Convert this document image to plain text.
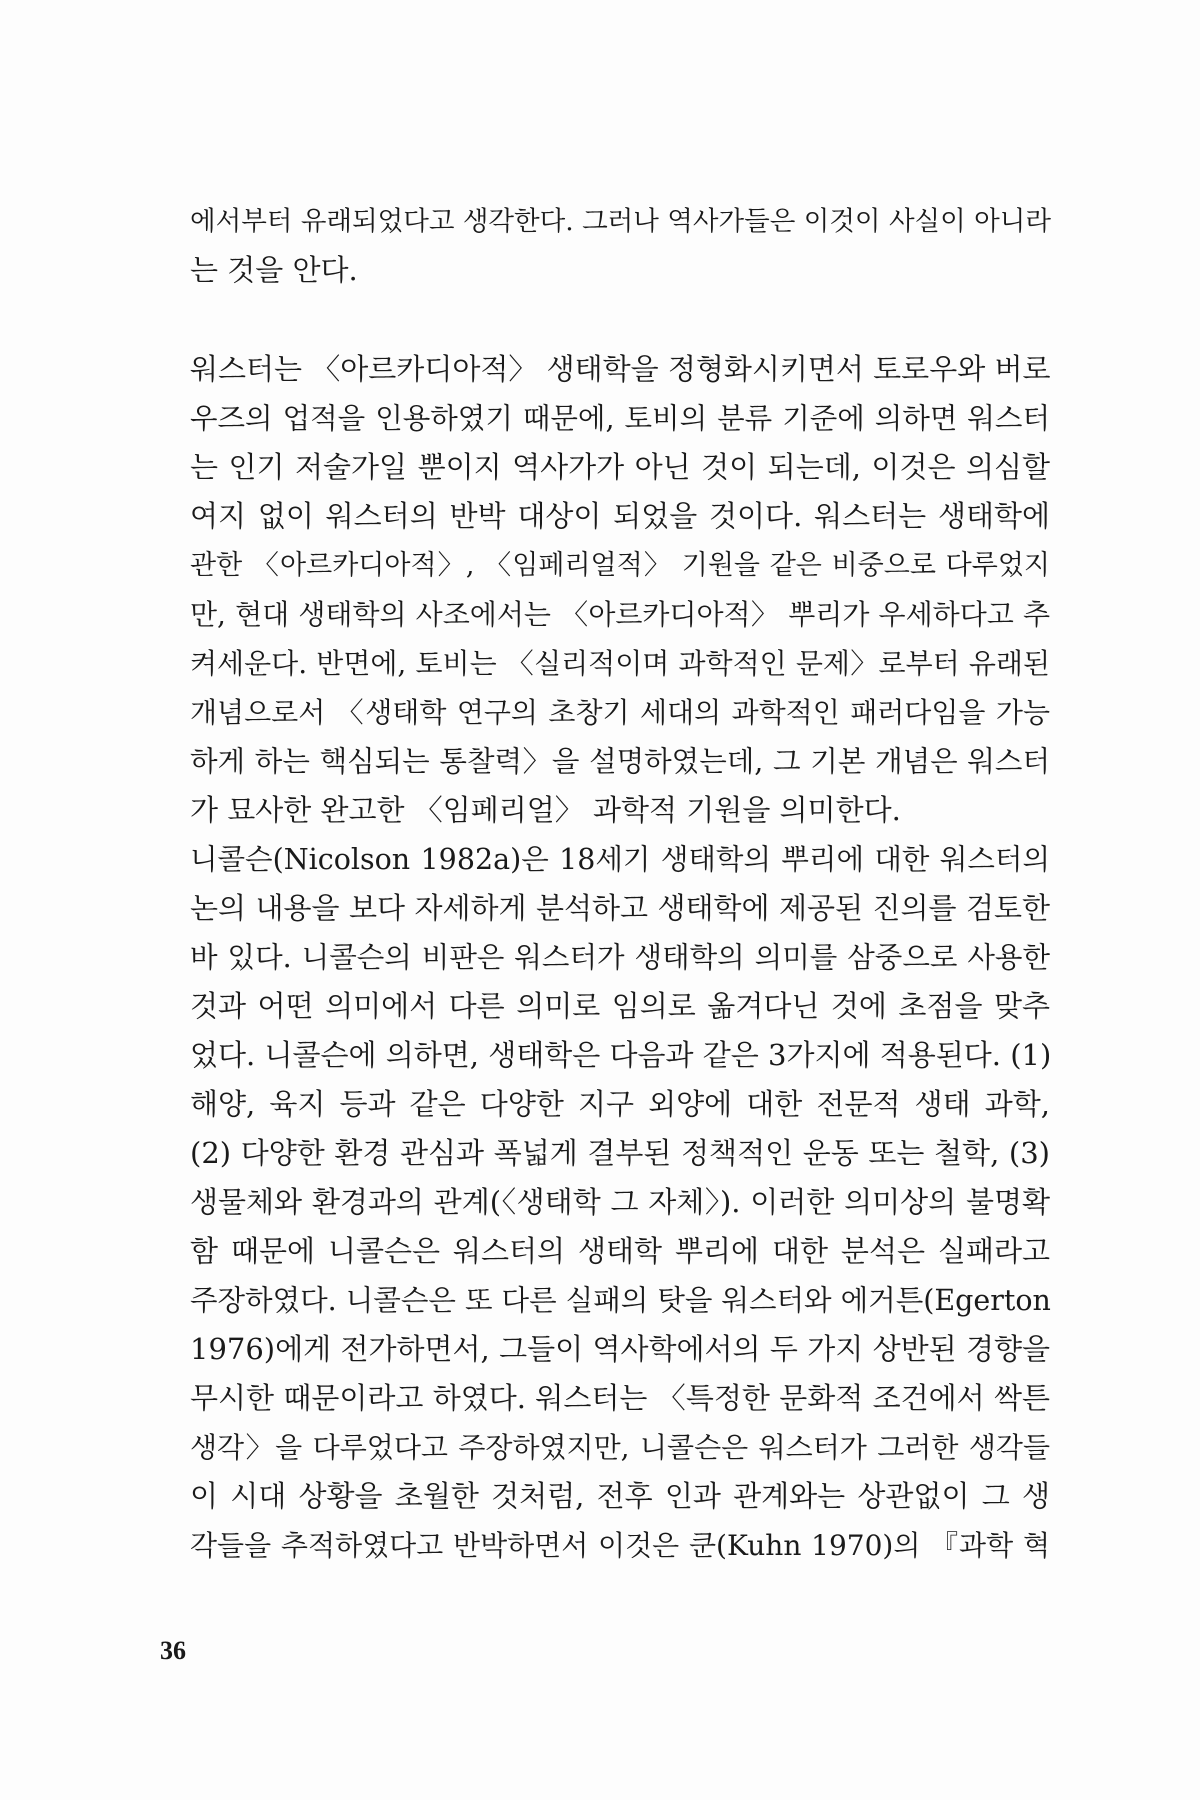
에서부터 유래되었다고 생각한다. 그러나 역사가들은 이것이 사실이 아니라
는 것을 안다.
워스터는 〈아르카디아적〉 생태학을 정형화시키면서 토로우와 버로
우즈의 업적을 인용하였기 때문에, 토비의 분류 기준에 의하면 워스터
는 인기 저술가일 뿐이지 역사가가 아닌 것이 되는데, 이것은 의심할
여지 없이 워스터의 반박 대상이 되었을 것이다. 워스터는 생태학에
관한 〈아르카디아적〉, 〈임페리얼적〉 기원을 같은 비중으로 다루었지
만, 현대 생태학의 사조에서는 〈아르카디아적〉 뿌리가 우세하다고 추
켜세운다. 반면에, 토비는 〈실리적이며 과학적인 문제〉로부터 유래된
개념으로서 〈생태학 연구의 초창기 세대의 과학적인 패러다임을 가능
하게 하는 핵심되는 통찰력〉을 설명하였는데, 그 기본 개념은 워스터
가 묘사한 완고한 〈임페리얼〉 과학적 기원을 의미한다.
니콜슨(Nicolson 1982a)은 18세기 생태학의 뿌리에 대한 워스터의
논의 내용을 보다 자세하게 분석하고 생태학에 제공된 진의를 검토한
바 있다. 니콜슨의 비판은 워스터가 생태학의 의미를 삼중으로 사용한
것과 어떤 의미에서 다른 의미로 임의로 옮겨다닌 것에 초점을 맞추
었다. 니콜슨에 의하면, 생태학은 다음과 같은 3가지에 적용된다. (1)
해양, 육지 등과 같은 다양한 지구 외양에 대한 전문적 생태 과학,
(2) 다양한 환경 관심과 폭넓게 결부된 정책적인 운동 또는 철학, (3)
생물체와 환경과의 관계(〈생태학 그 자체〉). 이러한 의미상의 불명확
함 때문에 니콜슨은 워스터의 생태학 뿌리에 대한 분석은 실패라고
주장하였다. 니콜슨은 또 다른 실패의 탓을 워스터와 에거튼(Egerton
1976)에게 전가하면서, 그들이 역사학에서의 두 가지 상반된 경향을
무시한 때문이라고 하였다. 워스터는 〈특정한 문화적 조건에서 싹튼
생각〉을 다루었다고 주장하였지만, 니콜슨은 워스터가 그러한 생각들
이 시대 상황을 초월한 것처럼, 전후 인과 관계와는 상관없이 그 생
각들을 추적하였다고 반박하면서 이것은 쿤(Kuhn 1970)의 『과학 혁
36
